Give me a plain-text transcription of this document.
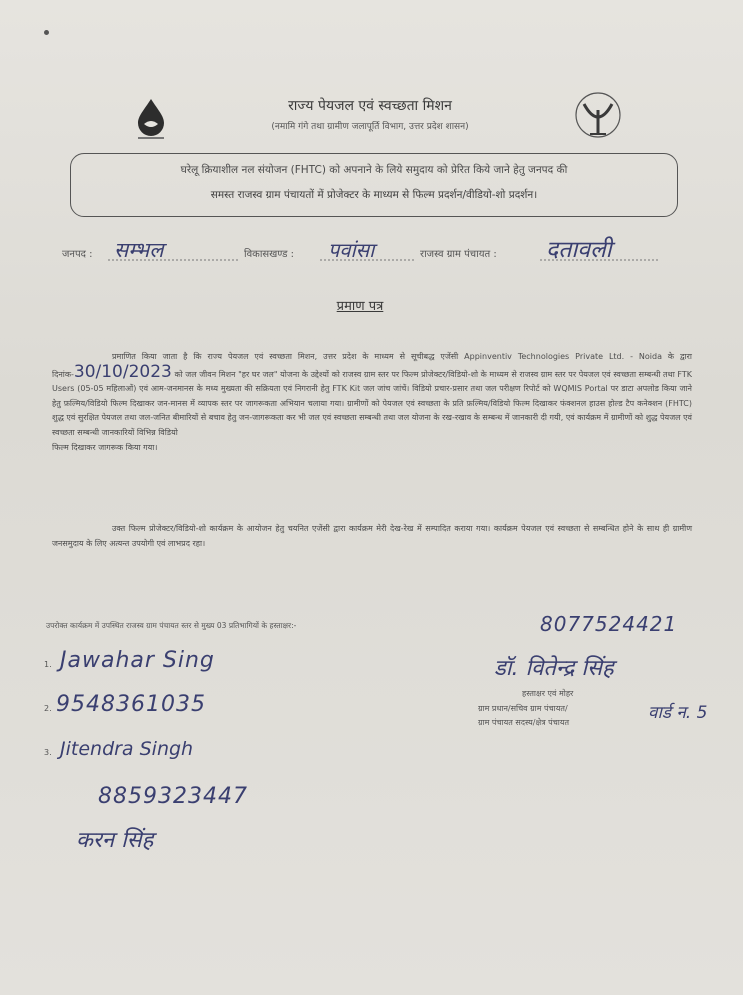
राज्य पेयजल एवं स्वच्छता मिशन
(नमामि गंगे तथा ग्रामीण जलापूर्ति विभाग, उत्तर प्रदेश शासन)
घरेलू क्रियाशील नल संयोजन (FHTC) को अपनाने के लिये समुदाय को प्रेरित किये जाने हेतु जनपद की
समस्त राजस्व ग्राम पंचायतों में प्रोजेक्टर के माध्यम से फिल्म प्रदर्शन/वीडियो-शो प्रदर्शन।
जनपद : सम्भल	विकासखण्ड : पवांसा	राजस्व ग्राम पंचायत : दतावली
प्रमाण पत्र
प्रमाणित किया जाता है कि राज्य पेयजल एवं स्वच्छता मिशन, उत्तर प्रदेश के माध्यम से सूचीबद्ध एजेंसी Appinventiv Technologies Private Ltd. - Noida के द्वारा दिनांक-30/10/2023 को जल जीवन मिशन "हर घर जल" योजना के उद्देश्यों को राजस्व ग्राम स्तर पर फिल्म प्रोजेक्टर/विडियो-शो के माध्यम से राजस्व ग्राम स्तर पर पेयजल एवं स्वच्छता सम्बन्धी तथा FTK Users (05-05 महिलाओं) एवं आम-जनमानस के मध्य मुख्यता की सक्रियता एवं निगरानी हेतु FTK Kit जल जांच जांचें। विडियो प्रचार-प्रसार तथा जल परीक्षण रिपोर्ट को WQMIS Portal पर डाटा अपलोड किया जाने हेतु फ़ल्मिय/विडियो फिल्म दिखाकर जन-मानस में व्यापक स्तर पर जागरूकता अभियान चलाया गया। ग्रामीणों को पेयजल एवं स्वच्छता के प्रति फ़ल्मिय/विडियो फिल्म दिखाकर फंक्शनल हाउस होल्ड टैप कनेक्शन (FHTC) शुद्ध एवं सुरक्षित पेयजल तथा जल-जनित बीमारियों से बचाव हेतु जन-जागरूकता कर भी जल एवं स्वच्छता सम्बन्धी तथा जल योजना के रख-रखाव के सम्बन्ध में जानकारी दी गयी, एवं कार्यक्रम में ग्रामीणों को शुद्ध पेयजल एवं स्वच्छता सम्बन्धी जानकारियों विभिन्न विडियो
फिल्म दिखाकर जागरूक किया गया।
उक्त फिल्म प्रोजेक्टर/विडियो-शो कार्यक्रम के आयोजन हेतु चयनित एजेंसी द्वारा कार्यक्रम मेरी देख-रेख में सम्पादित कराया गया। कार्यक्रम पेयजल एवं स्वच्छता से सम्बन्धित होने के साथ ही ग्रामीण जनसमुदाय के लिए अत्यन्त उपयोगी एवं लाभप्रद रहा।
उपरोक्त कार्यक्रम में उपस्थित राजस्व ग्राम पंचायत स्तर से मुख्य 03 प्रतिभागियों के हस्ताक्षर:-
1. Jawahar Sing
2. 9548361035
3. Jitendra Singh
8859323447
करन सिंह
8077524421
डॉ. वितेन्द्र सिंह
हस्ताक्षर एवं मोहर
ग्राम प्रधान/सचिव ग्राम पंचायत/
ग्राम पंचायत सदस्य/क्षेत्र पंचायत	वार्ड न. 5
